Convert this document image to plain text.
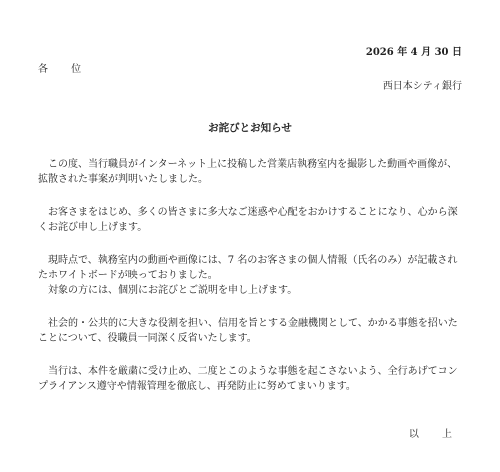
2026 年 4 月 30 日
各 位
西日本シティ銀行
お詫びとお知らせ

この度、当行職員がインターネット上に投稿した営業店執務室内を撮影した動画や画像が、拡散された事案が判明いたしました。

お客さまをはじめ、多くの皆さまに多大なご迷惑や心配をおかけすることになり、心から深くお詫び申し上げます。

現時点で、執務室内の動画や画像には、7 名のお客さまの個人情報（氏名のみ）が記載されたホワイトボードが映っておりました。

対象の方には、個別にお詫びとご説明を申し上げます。

社会的・公共的に大きな役割を担い、信用を旨とする金融機関として、かかる事態を招いたことについて、役職員一同深く反省いたします。

当行は、本件を厳粛に受け止め、二度とこのような事態を起こさないよう、全行あげてコンプライアンス遵守や情報管理を徹底し、再発防止に努めてまいります。

以 上
